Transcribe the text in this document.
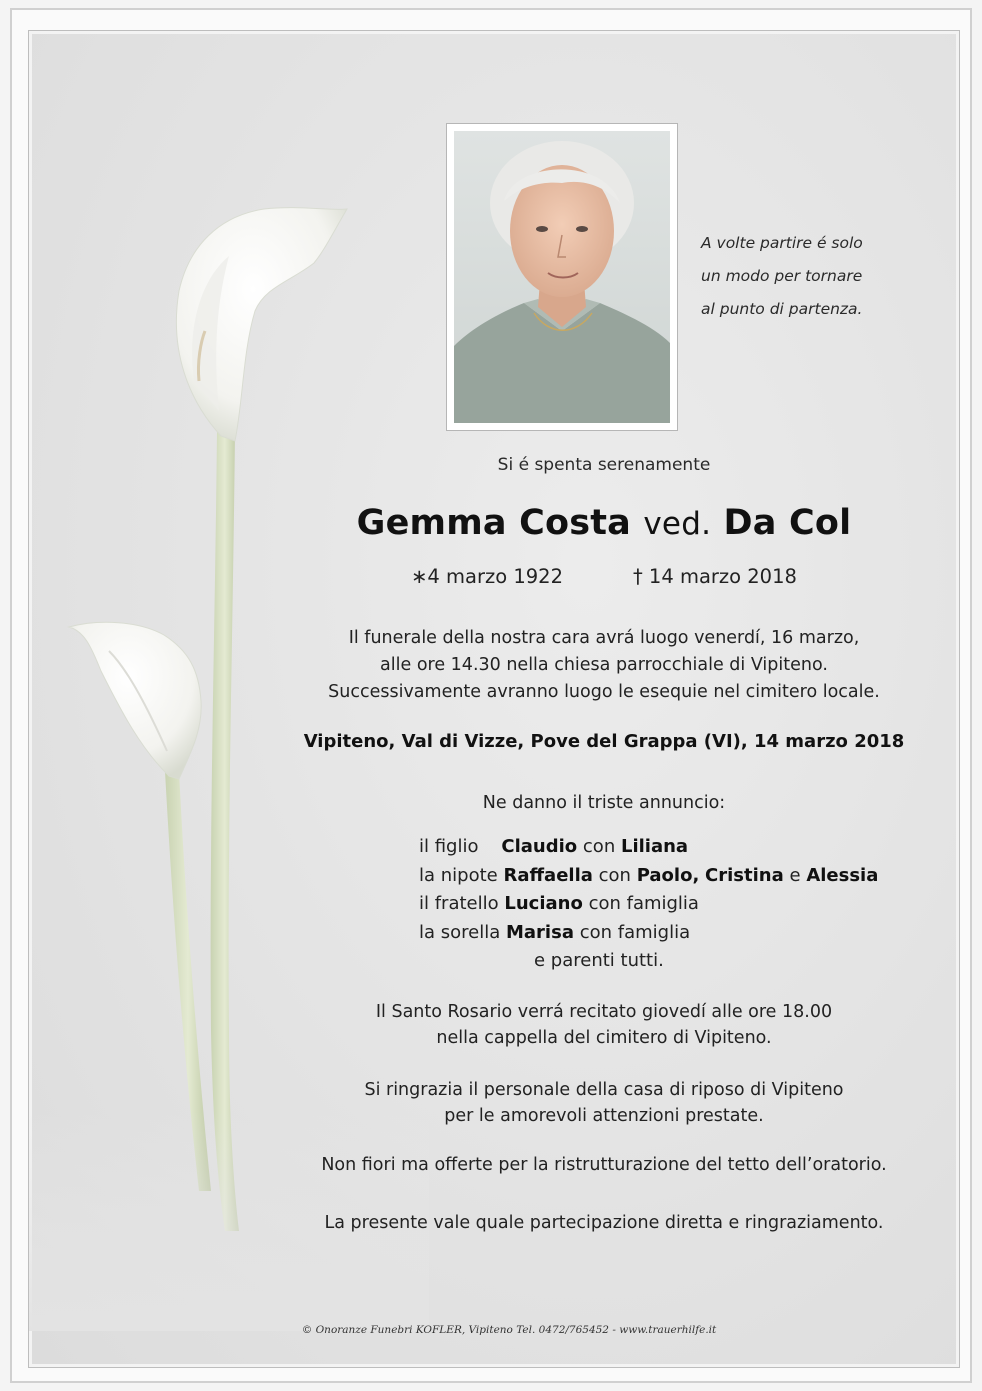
A volte partire é solo
un modo per tornare
al punto di partenza.
Si é spenta serenamente
Gemma Costa ved. Da Col
∗4 marzo 1922	† 14 marzo 2018
Il funerale della nostra cara avrá luogo venerdí, 16 marzo,
alle ore 14.30 nella chiesa parrocchiale di Vipiteno.
Successivamente avranno luogo le esequie nel cimitero locale.
Vipiteno, Val di Vizze, Pove del Grappa (VI), 14 marzo 2018
Ne danno il triste annuncio:
il figlio Claudio con Liliana
la nipote Raffaella con Paolo, Cristina e Alessia
il fratello Luciano con famiglia
la sorella Marisa con famiglia
e parenti tutti.
Il Santo Rosario verrá recitato giovedí alle ore 18.00
nella cappella del cimitero di Vipiteno.
Si ringrazia il personale della casa di riposo di Vipiteno
per le amorevoli attenzioni prestate.
Non fiori ma offerte per la ristrutturazione del tetto dell’oratorio.
La presente vale quale partecipazione diretta e ringraziamento.
© Onoranze Funebri KOFLER, Vipiteno Tel. 0472/765452 - www.trauerhilfe.it
